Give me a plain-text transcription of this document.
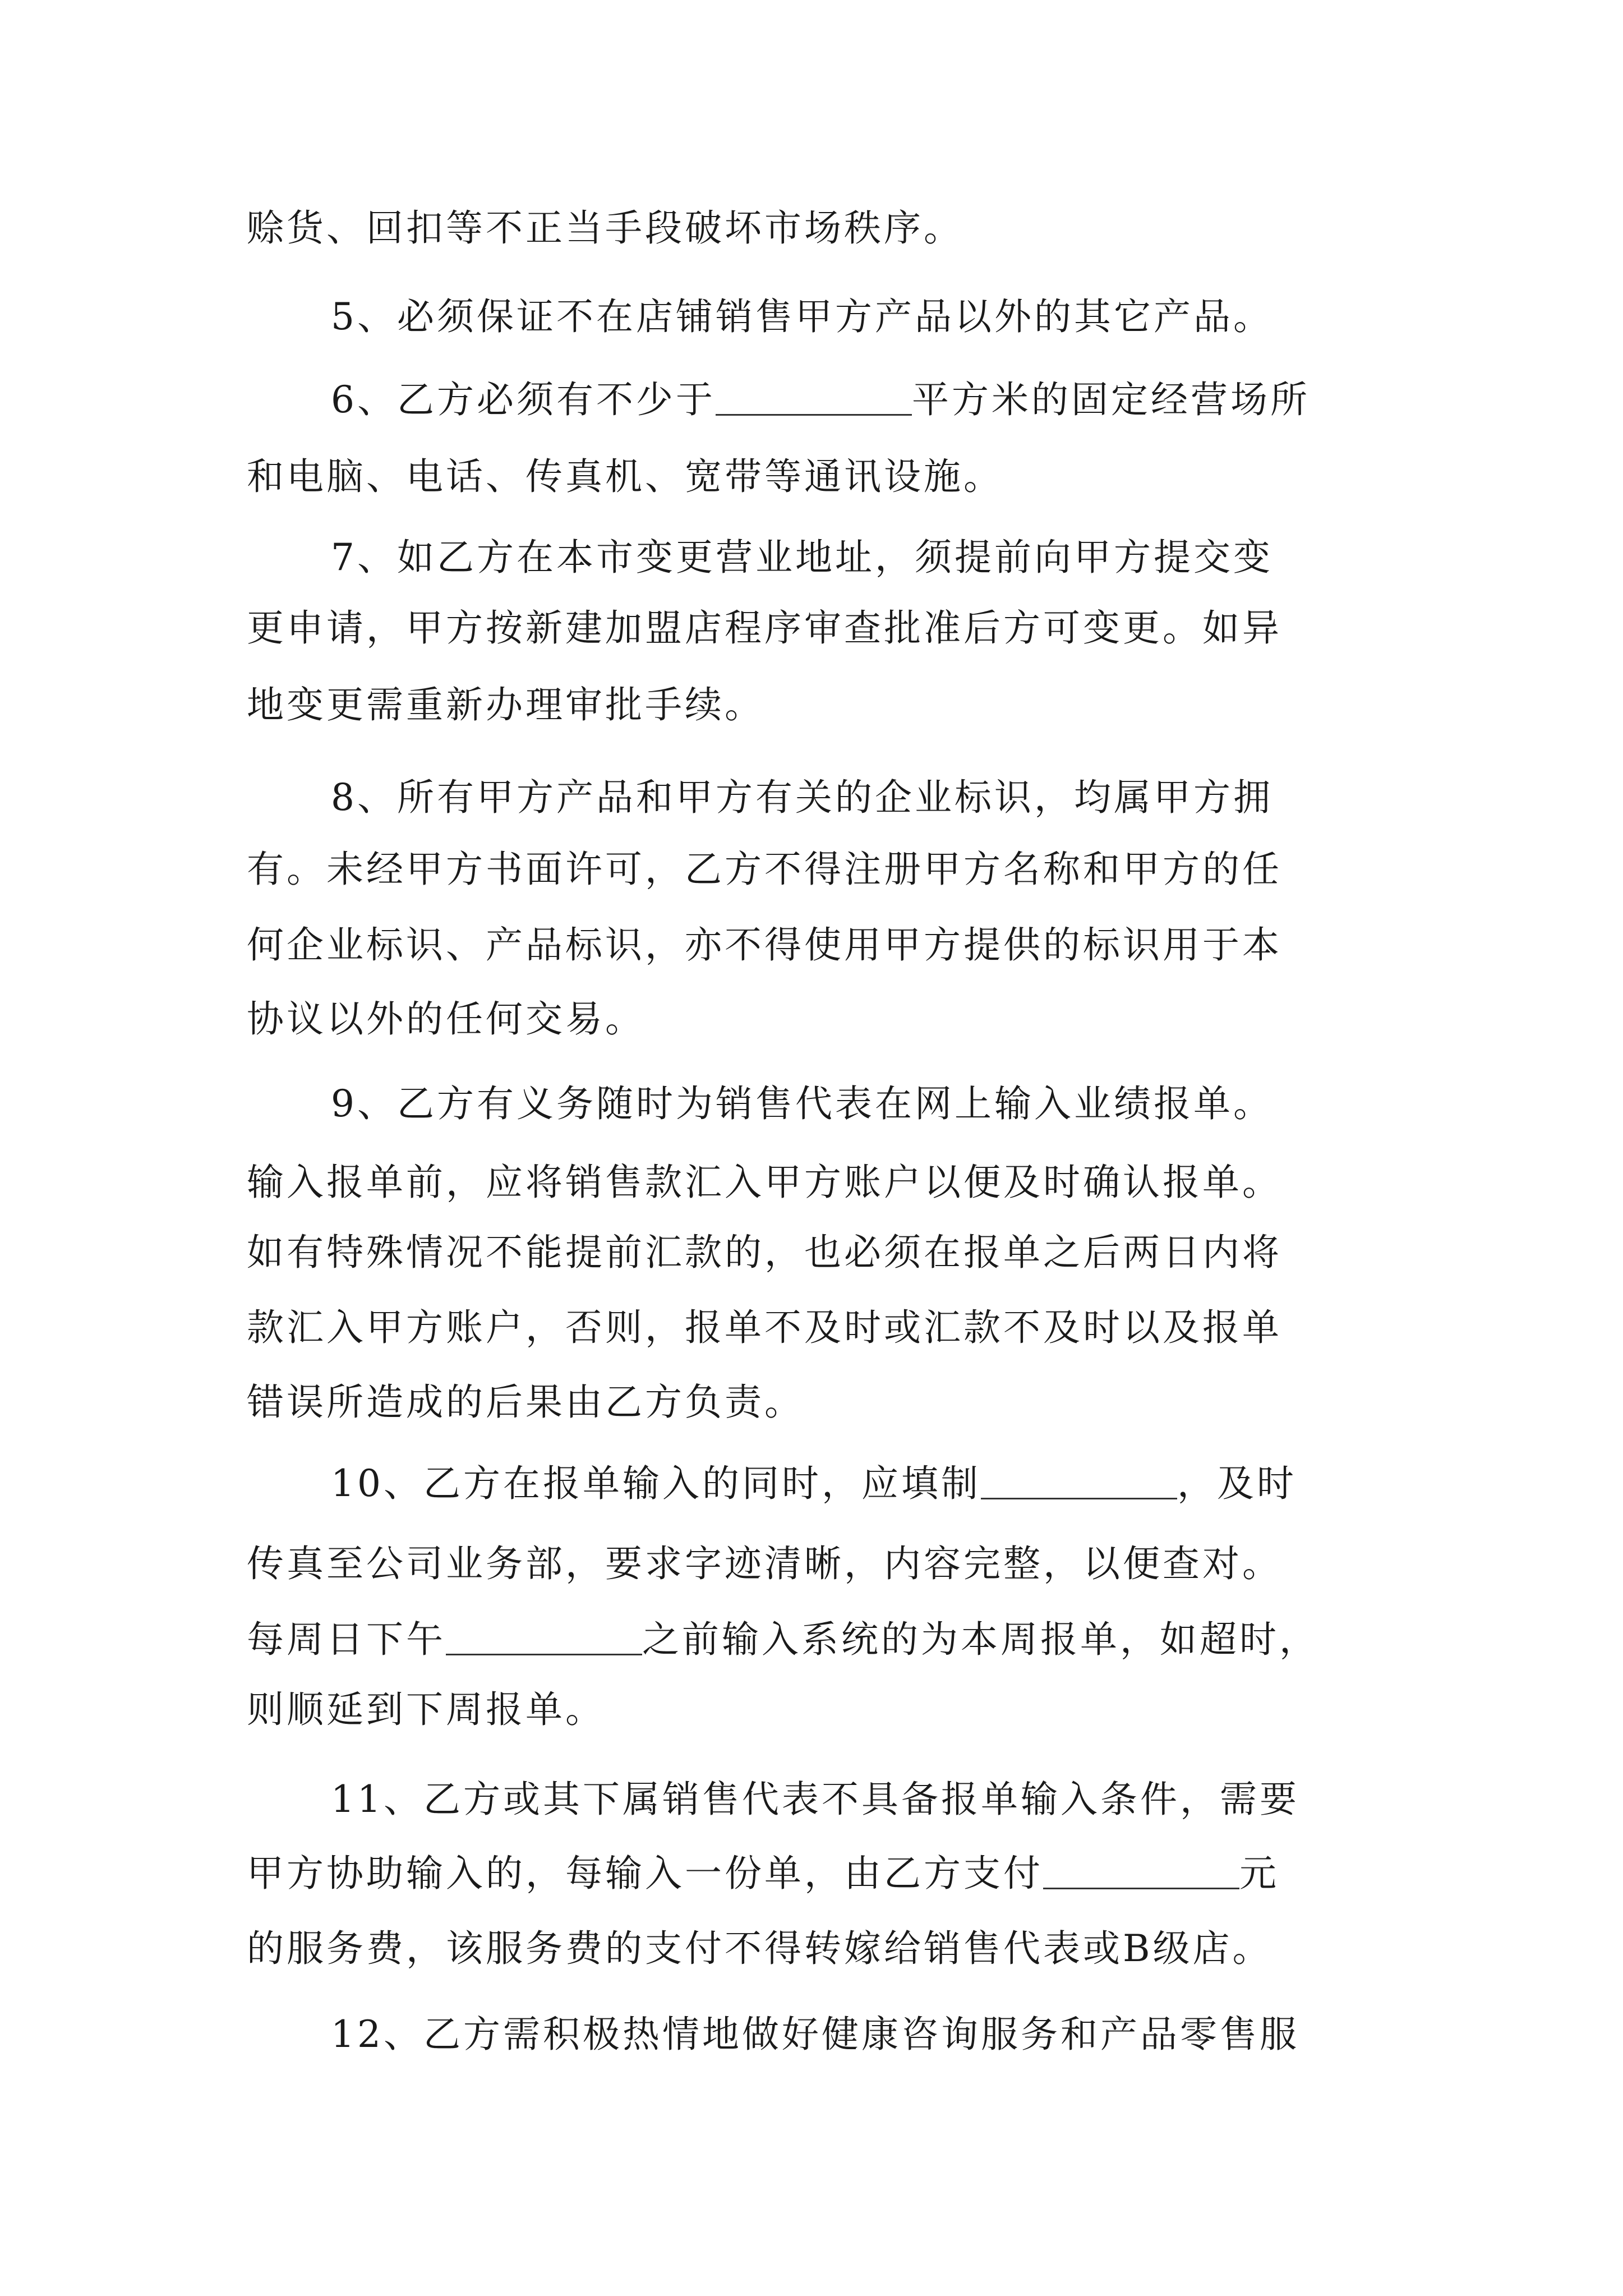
赊货、回扣等不正当手段破坏市场秩序。
5、必须保证不在店铺销售甲方产品以外的其它产品。
6、乙方必须有不少于	平方米的固定经营场所
和电脑、电话、传真机、宽带等通讯设施。
7、如乙方在本市变更营业地址，须提前向甲方提交变
更申请，甲方按新建加盟店程序审查批准后方可变更。如异
地变更需重新办理审批手续。
8、所有甲方产品和甲方有关的企业标识，均属甲方拥
有。未经甲方书面许可，乙方不得注册甲方名称和甲方的任
何企业标识、产品标识，亦不得使用甲方提供的标识用于本
协议以外的任何交易。
9、乙方有义务随时为销售代表在网上输入业绩报单。
输入报单前，应将销售款汇入甲方账户以便及时确认报单。
如有特殊情况不能提前汇款的，也必须在报单之后两日内将
款汇入甲方账户，否则，报单不及时或汇款不及时以及报单
错误所造成的后果由乙方负责。
10、乙方在报单输入的同时，应填制	，及时
传真至公司业务部，要求字迹清晰，内容完整，以便查对。
每周日下午	之前输入系统的为本周报单，如超时，
则顺延到下周报单。
11、乙方或其下属销售代表不具备报单输入条件，需要
甲方协助输入的，每输入一份单，由乙方支付	元
的服务费，该服务费的支付不得转嫁给销售代表或B级店。
12、乙方需积极热情地做好健康咨询服务和产品零售服
